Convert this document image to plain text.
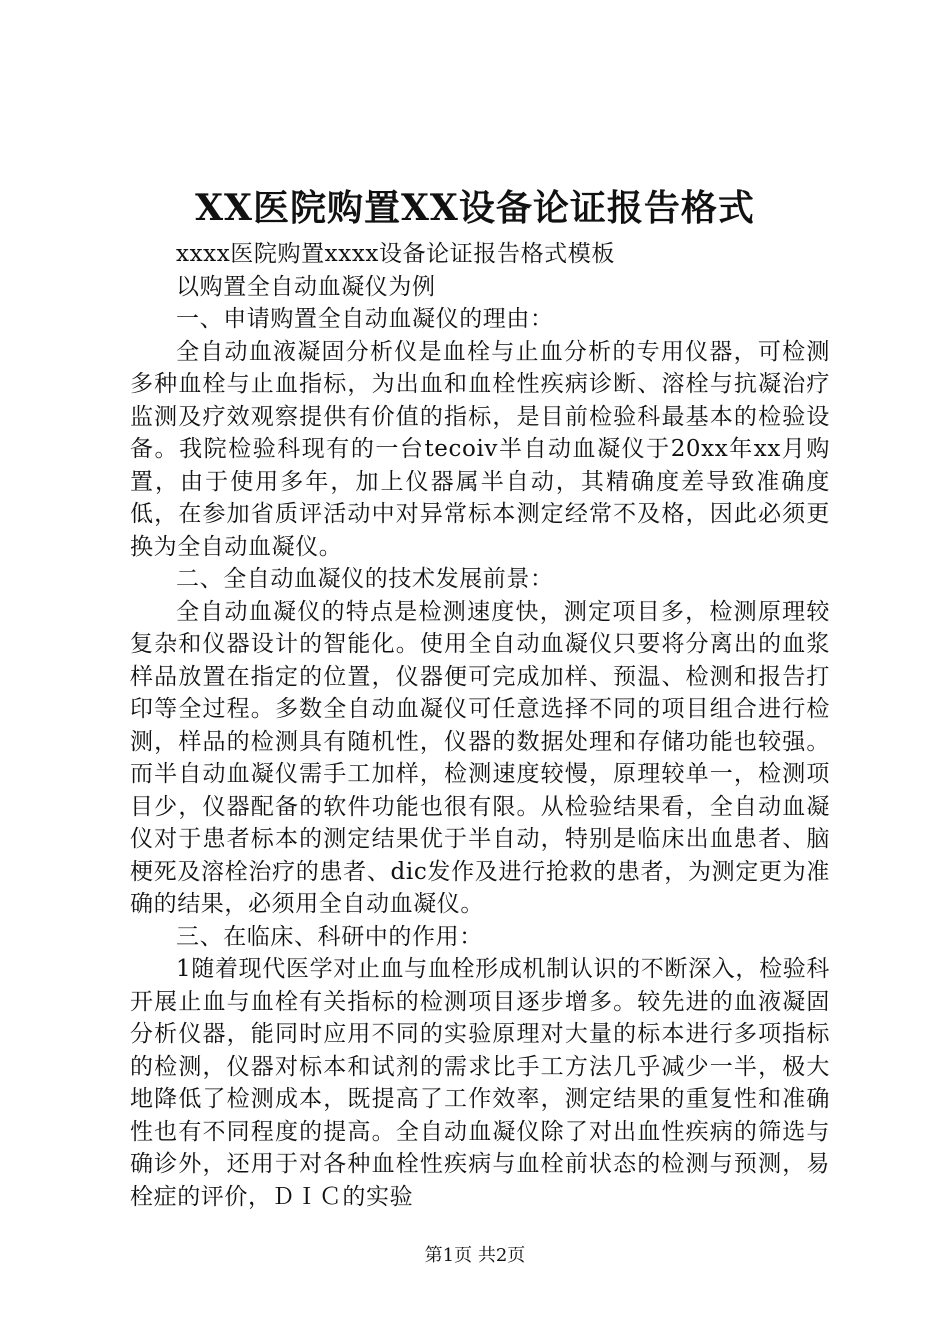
XX医院购置XX设备论证报告格式

xxxx医院购置xxxx设备论证报告格式模板

以购置全自动血凝仪为例

一、申请购置全自动血凝仪的理由：

全自动血液凝固分析仪是血栓与止血分析的专用仪器，可检测多种血栓与止血指标，为出血和血栓性疾病诊断、溶栓与抗凝治疗监测及疗效观察提供有价值的指标，是目前检验科最基本的检验设备。我院检验科现有的一台tecoiv半自动血凝仪于20xx年xx月购置，由于使用多年，加上仪器属半自动，其精确度差导致准确度低，在参加省质评活动中对异常标本测定经常不及格，因此必须更换为全自动血凝仪。

二、全自动血凝仪的技术发展前景：

全自动血凝仪的特点是检测速度快，测定项目多，检测原理较复杂和仪器设计的智能化。使用全自动血凝仪只要将分离出的血浆样品放置在指定的位置，仪器便可完成加样、预温、检测和报告打印等全过程。多数全自动血凝仪可任意选择不同的项目组合进行检测，样品的检测具有随机性，仪器的数据处理和存储功能也较强。而半自动血凝仪需手工加样，检测速度较慢，原理较单一，检测项目少，仪器配备的软件功能也很有限。从检验结果看，全自动血凝仪对于患者标本的测定结果优于半自动，特别是临床出血患者、脑梗死及溶栓治疗的患者、dic发作及进行抢救的患者，为测定更为准确的结果，必须用全自动血凝仪。

三、在临床、科研中的作用：

1随着现代医学对止血与血栓形成机制认识的不断深入，检验科开展止血与血栓有关指标的检测项目逐步增多。较先进的血液凝固分析仪器，能同时应用不同的实验原理对大量的标本进行多项指标的检测，仪器对标本和试剂的需求比手工方法几乎减少一半，极大地降低了检测成本，既提高了工作效率，测定结果的重复性和准确性也有不同程度的提高。全自动血凝仪除了对出血性疾病的筛选与确诊外，还用于对各种血栓性疾病与血栓前状态的检测与预测，易栓症的评价，ＤＩＣ的实验

第1页 共2页
